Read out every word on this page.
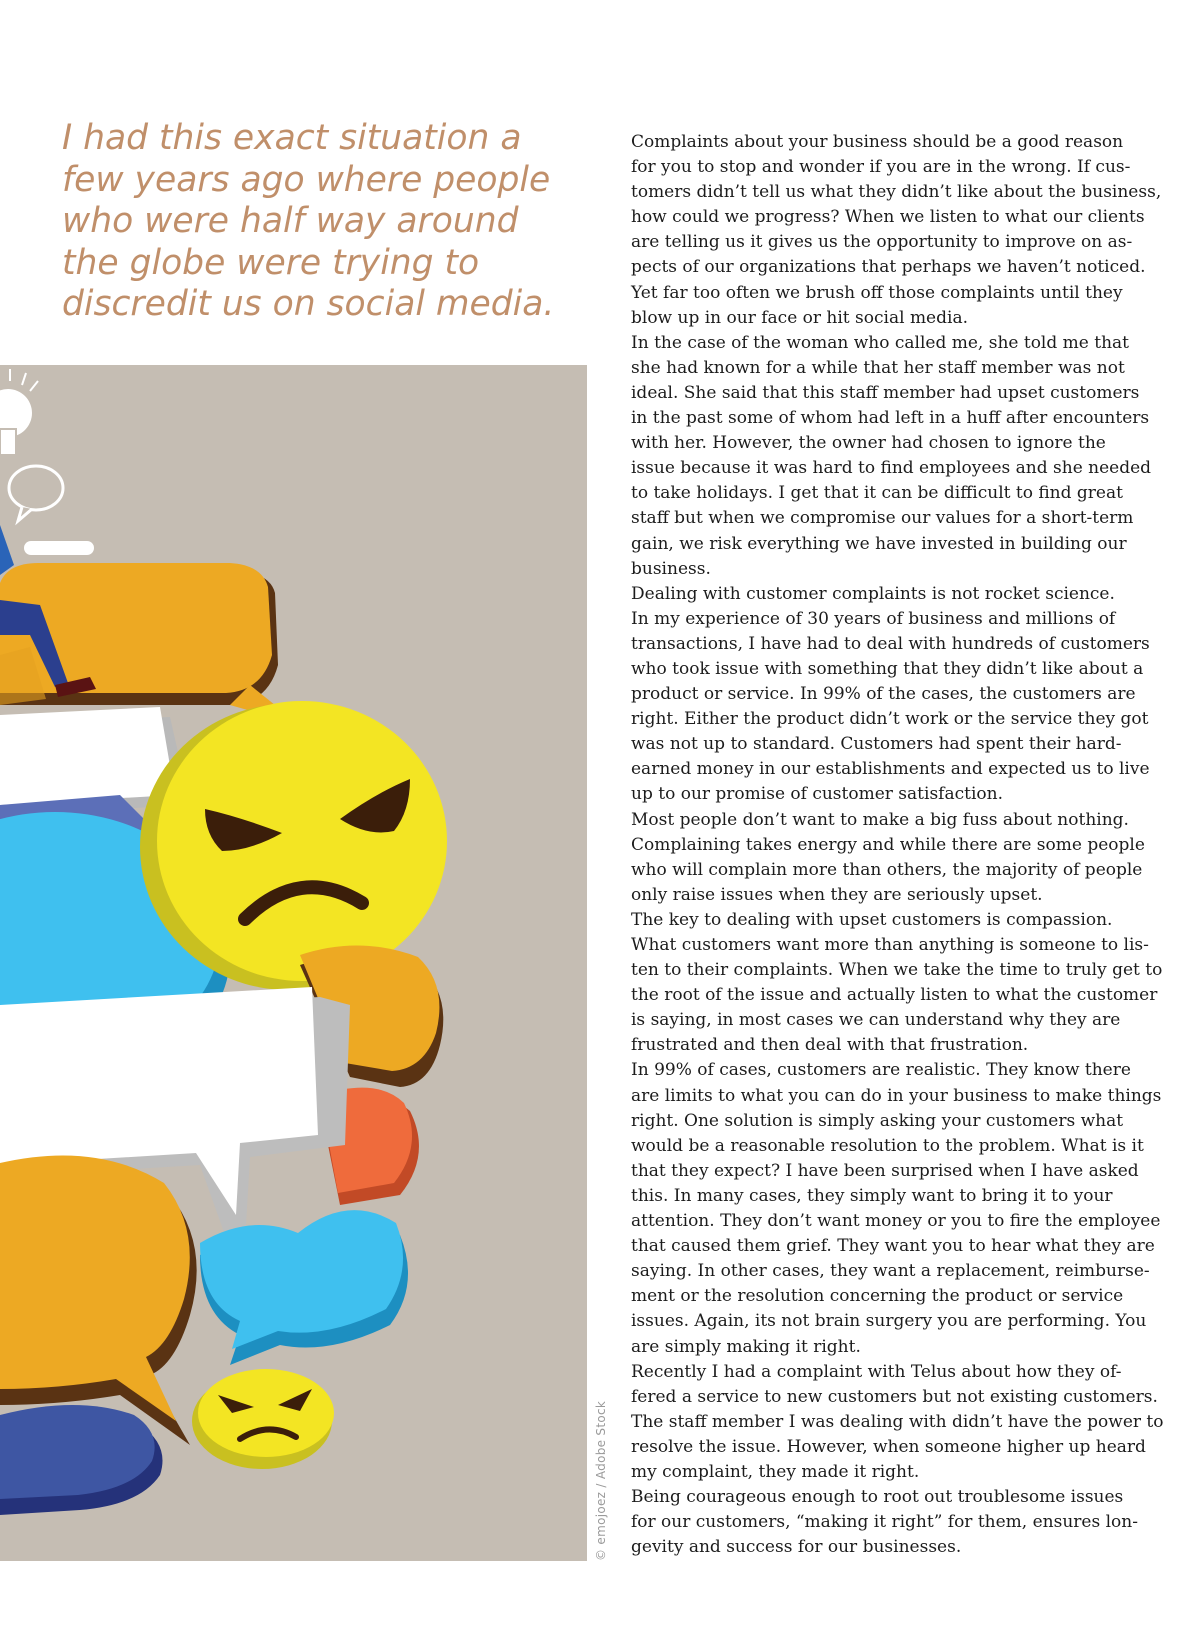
I had this exact situation a
few years ago where people
who were half way around
the globe were trying to
discredit us on social media.
© emojoez / Adobe Stock
Complaints about your business should be a good reason
for you to stop and wonder if you are in the wrong. If cus-
tomers didn’t tell us what they didn’t like about the business,
how could we progress? When we listen to what our clients
are telling us it gives us the opportunity to improve on as-
pects of our organizations that perhaps we haven’t noticed.
Yet far too often we brush off those complaints until they
blow up in our face or hit social media.
In the case of the woman who called me, she told me that
she had known for a while that her staff member was not
ideal. She said that this staff member had upset customers
in the past some of whom had left in a huff after encounters
with her. However, the owner had chosen to ignore the
issue because it was hard to find employees and she needed
to take holidays. I get that it can be difficult to find great
staff but when we compromise our values for a short-term
gain, we risk everything we have invested in building our
business.
Dealing with customer complaints is not rocket science.
In my experience of 30 years of business and millions of
transactions, I have had to deal with hundreds of customers
who took issue with something that they didn’t like about a
product or service. In 99% of the cases, the customers are
right. Either the product didn’t work or the service they got
was not up to standard. Customers had spent their hard-
earned money in our establishments and expected us to live
up to our promise of customer satisfaction.
Most people don’t want to make a big fuss about nothing.
Complaining takes energy and while there are some people
who will complain more than others, the majority of people
only raise issues when they are seriously upset.
The key to dealing with upset customers is compassion.
What customers want more than anything is someone to lis-
ten to their complaints. When we take the time to truly get to
the root of the issue and actually listen to what the customer
is saying, in most cases we can understand why they are
frustrated and then deal with that frustration.
In 99% of cases, customers are realistic. They know there
are limits to what you can do in your business to make things
right. One solution is simply asking your customers what
would be a reasonable resolution to the problem. What is it
that they expect? I have been surprised when I have asked
this. In many cases, they simply want to bring it to your
attention. They don’t want money or you to fire the employee
that caused them grief. They want you to hear what they are
saying. In other cases, they want a replacement, reimburse-
ment or the resolution concerning the product or service
issues. Again, its not brain surgery you are performing. You
are simply making it right.
Recently I had a complaint with Telus about how they of-
fered a service to new customers but not existing customers.
The staff member I was dealing with didn’t have the power to
resolve the issue. However, when someone higher up heard
my complaint, they made it right.
Being courageous enough to root out troublesome issues
for our customers, “making it right” for them, ensures lon-
gevity and success for our businesses.
